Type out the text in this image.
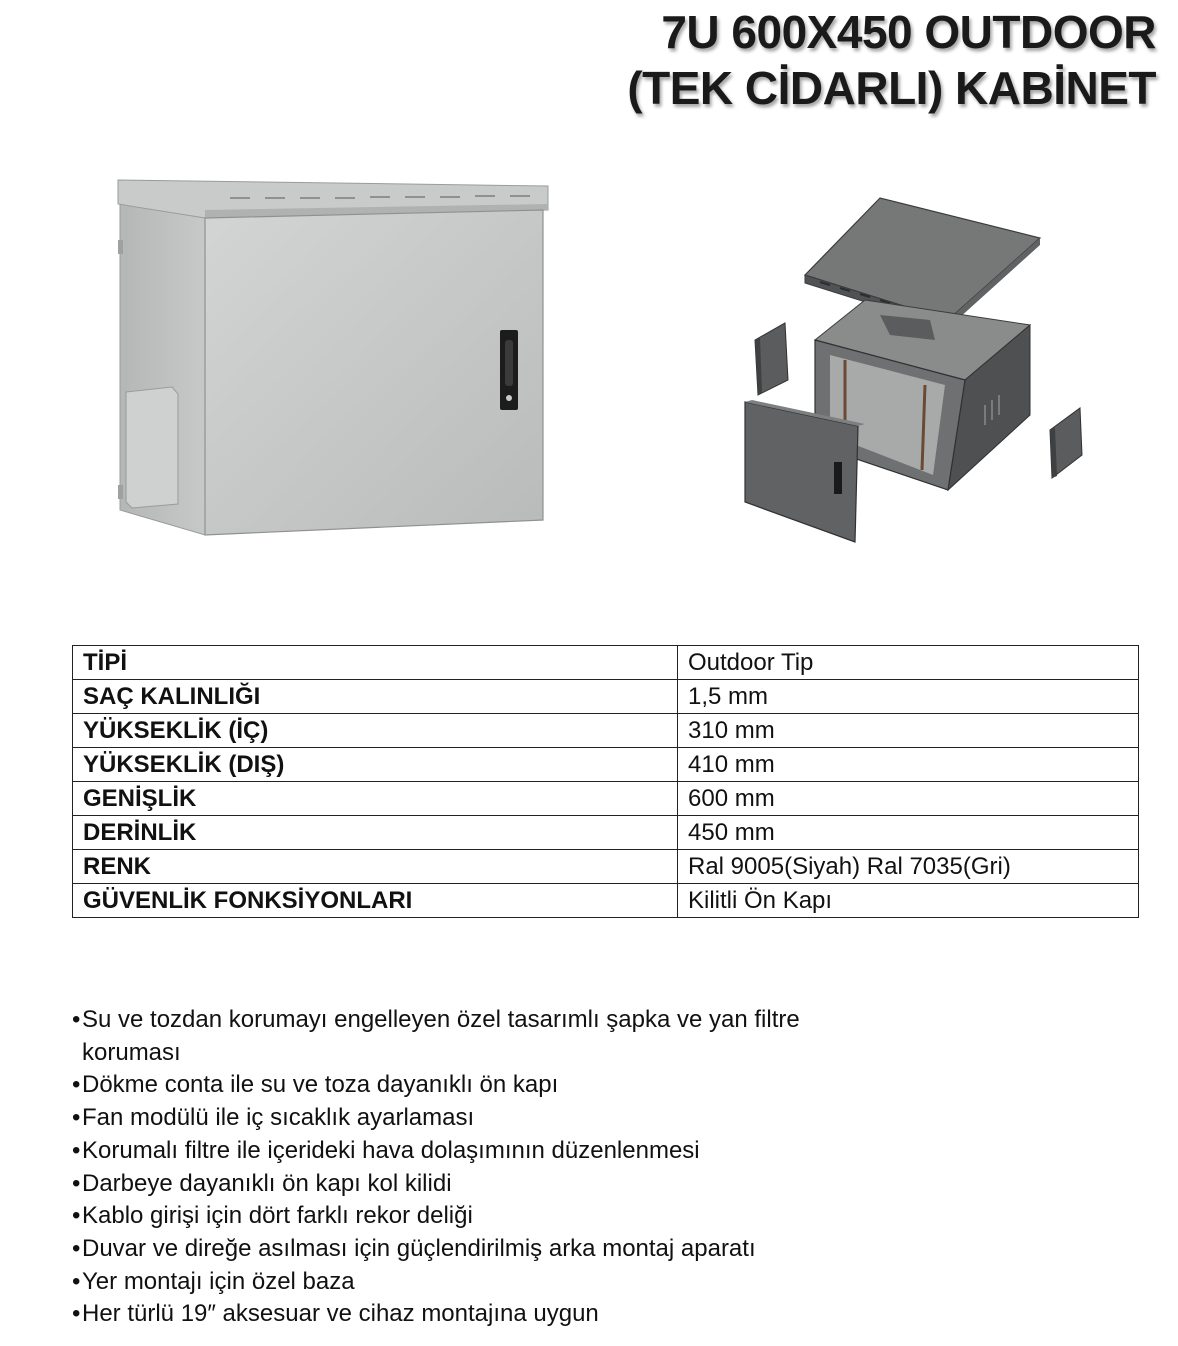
7U 600X450 OUTDOOR
(TEK CİDARLI) KABİNET
TİPİ	Outdoor Tip
SAÇ KALINLIĞI	1,5 mm
YÜKSEKLİK (İÇ)	310 mm
YÜKSEKLİK (DIŞ)	410 mm
GENİŞLİK	600 mm
DERİNLİK	450 mm
RENK	Ral 9005(Siyah) Ral 7035(Gri)
GÜVENLİK FONKSİYONLARI	Kilitli Ön Kapı
• Su ve tozdan korumayı engelleyen özel tasarımlı şapka ve yan filtre koruması
• Dökme conta ile su ve toza dayanıklı ön kapı
• Fan modülü ile iç sıcaklık ayarlaması
• Korumalı filtre ile içerideki hava dolaşımının düzenlenmesi
• Darbeye dayanıklı ön kapı kol kilidi
• Kablo girişi için dört farklı rekor deliği
• Duvar ve direğe asılması için güçlendirilmiş arka montaj aparatı
• Yer montajı için özel baza
• Her türlü 19″ aksesuar ve cihaz montajına uygun
